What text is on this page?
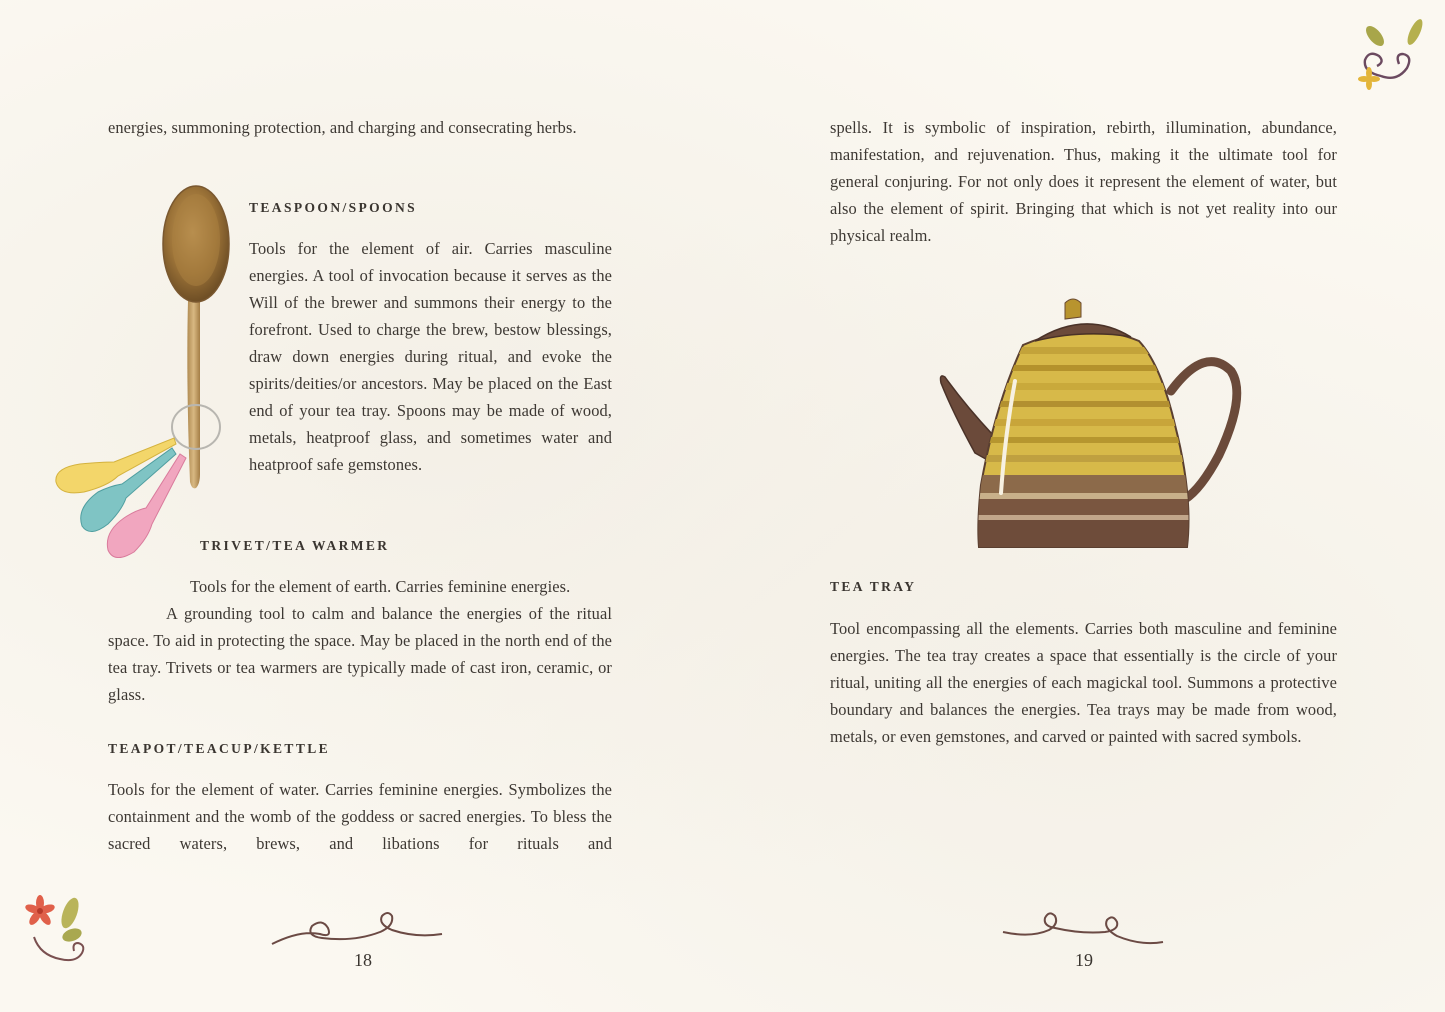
energies, summoning protection, and charging and consecrating herbs.

TEASPOON/SPOONS

Tools for the element of air. Carries masculine energies. A tool of invocation because it serves as the Will of the brewer and summons their energy to the forefront. Used to charge the brew, bestow blessings, draw down energies during ritual, and evoke the spirits/deities/or ancestors. May be placed on the East end of your tea tray. Spoons may be made of wood, metals, heatproof glass, and sometimes water and heatproof safe gemstones.

TRIVET/TEA WARMER

Tools for the element of earth. Carries feminine energies.

A grounding tool to calm and balance the energies of the ritual space. To aid in protecting the space. May be placed in the north end of the tea tray. Trivets or tea warmers are typically made of cast iron, ceramic, or glass.

TEAPOT/TEACUP/KETTLE

Tools for the element of water. Carries feminine energies. Symbolizes the containment and the womb of the goddess or sacred energies. To bless the sacred waters, brews, and libations for rituals and

18

spells. It is symbolic of inspiration, rebirth, illumination, abundance, manifestation, and rejuvenation. Thus, making it the ultimate tool for general conjuring. For not only does it represent the element of water, but also the element of spirit. Bringing that which is not yet reality into our physical realm.

TEA TRAY

Tool encompassing all the elements. Carries both masculine and feminine energies. The tea tray creates a space that essentially is the circle of your ritual, uniting all the energies of each magickal tool. Summons a protective boundary and balances the energies. Tea trays may be made from wood, metals, or even gemstones, and carved or painted with sacred symbols.

19
